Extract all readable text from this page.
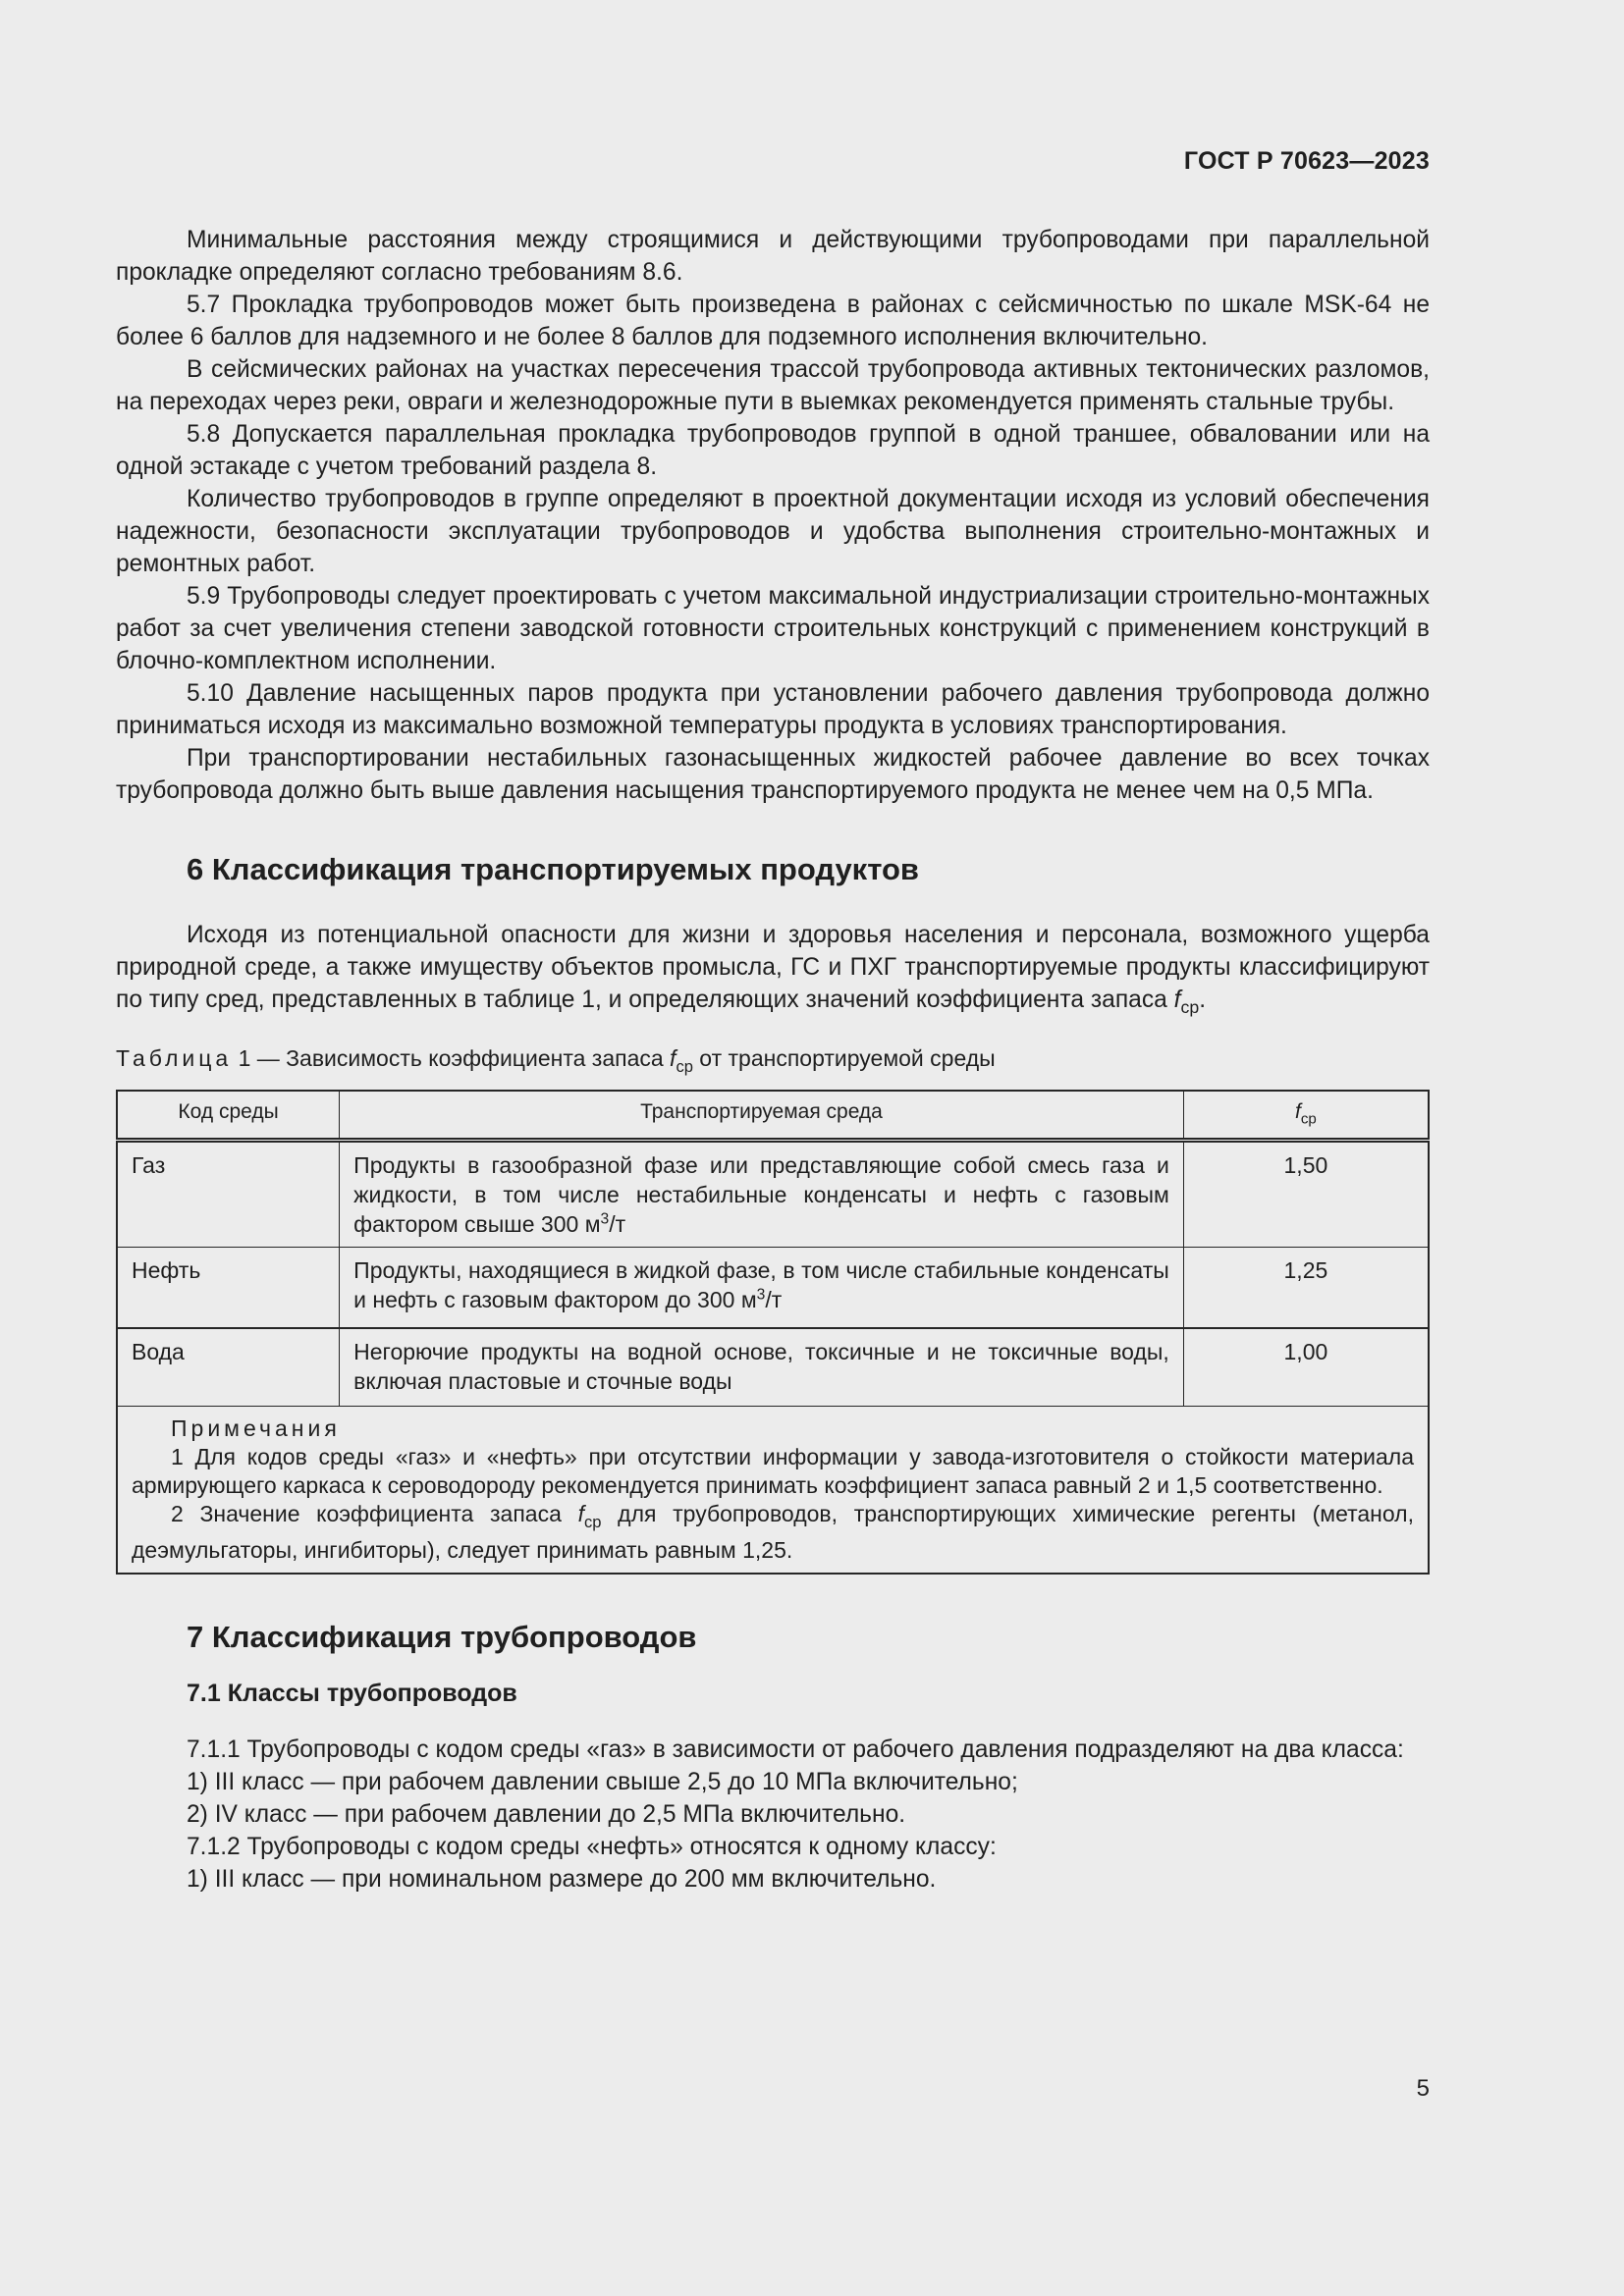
ГОСТ Р 70623—2023

Минимальные расстояния между строящимися и действующими трубопроводами при параллельной прокладке определяют согласно требованиям 8.6.

5.7 Прокладка трубопроводов может быть произведена в районах с сейсмичностью по шкале MSK-64 не более 6 баллов для надземного и не более 8 баллов для подземного исполнения включительно.

В сейсмических районах на участках пересечения трассой трубопровода активных тектонических разломов, на переходах через реки, овраги и железнодорожные пути в выемках рекомендуется применять стальные трубы.

5.8 Допускается параллельная прокладка трубопроводов группой в одной траншее, обваловании или на одной эстакаде с учетом требований раздела 8.

Количество трубопроводов в группе определяют в проектной документации исходя из условий обеспечения надежности, безопасности эксплуатации трубопроводов и удобства выполнения строительно-монтажных и ремонтных работ.

5.9 Трубопроводы следует проектировать с учетом максимальной индустриализации строительно-монтажных работ за счет увеличения степени заводской готовности строительных конструкций с применением конструкций в блочно-комплектном исполнении.

5.10 Давление насыщенных паров продукта при установлении рабочего давления трубопровода должно приниматься исходя из максимально возможной температуры продукта в условиях транспортирования.

При транспортировании нестабильных газонасыщенных жидкостей рабочее давление во всех точках трубопровода должно быть выше давления насыщения транспортируемого продукта не менее чем на 0,5 МПа.

6 Классификация транспортируемых продуктов

Исходя из потенциальной опасности для жизни и здоровья населения и персонала, возможного ущерба природной среде, а также имуществу объектов промысла, ГС и ПХГ транспортируемые продукты классифицируют по типу сред, представленных в таблице 1, и определяющих значений коэффициента запаса $f_{ср}$.

Таблица 1 — Зависимость коэффициента запаса $f_{ср}$ от транспортируемой среды
Код среды	Транспортируемая среда	$f_{ср}$
Газ	Продукты в газообразной фазе или представляющие собой смесь газа и жидкости, в том числе нестабильные конденсаты и нефть с газовым фактором свыше 300 $м^3/т$	1,50
Нефть	Продукты, находящиеся в жидкой фазе, в том числе стабильные конденсаты и нефть с газовым фактором до 300 $м^3/т$	1,25
Вода	Негорючие продукты на водной основе, токсичные и не токсичные воды, включая пластовые и сточные воды	1,00

Примечания

1 Для кодов среды «газ» и «нефть» при отсутствии информации у завода-изготовителя о стойкости материала армирующего каркаса к сероводороду рекомендуется принимать коэффициент запаса равный 2 и 1,5 соответственно.

2 Значение коэффициента запаса $f_{ср}$ для трубопроводов, транспортирующих химические регенты (метанол, деэмульгаторы, ингибиторы), следует принимать равным 1,25.		

7 Классификация трубопроводов
7.1 Классы трубопроводов

7.1.1 Трубопроводы с кодом среды «газ» в зависимости от рабочего давления подразделяют на два класса:

1) III класс — при рабочем давлении свыше 2,5 до 10 МПа включительно;

2) IV класс — при рабочем давлении до 2,5 МПа включительно.

7.1.2 Трубопроводы с кодом среды «нефть» относятся к одному классу:

1) III класс — при номинальном размере до 200 мм включительно.

5
